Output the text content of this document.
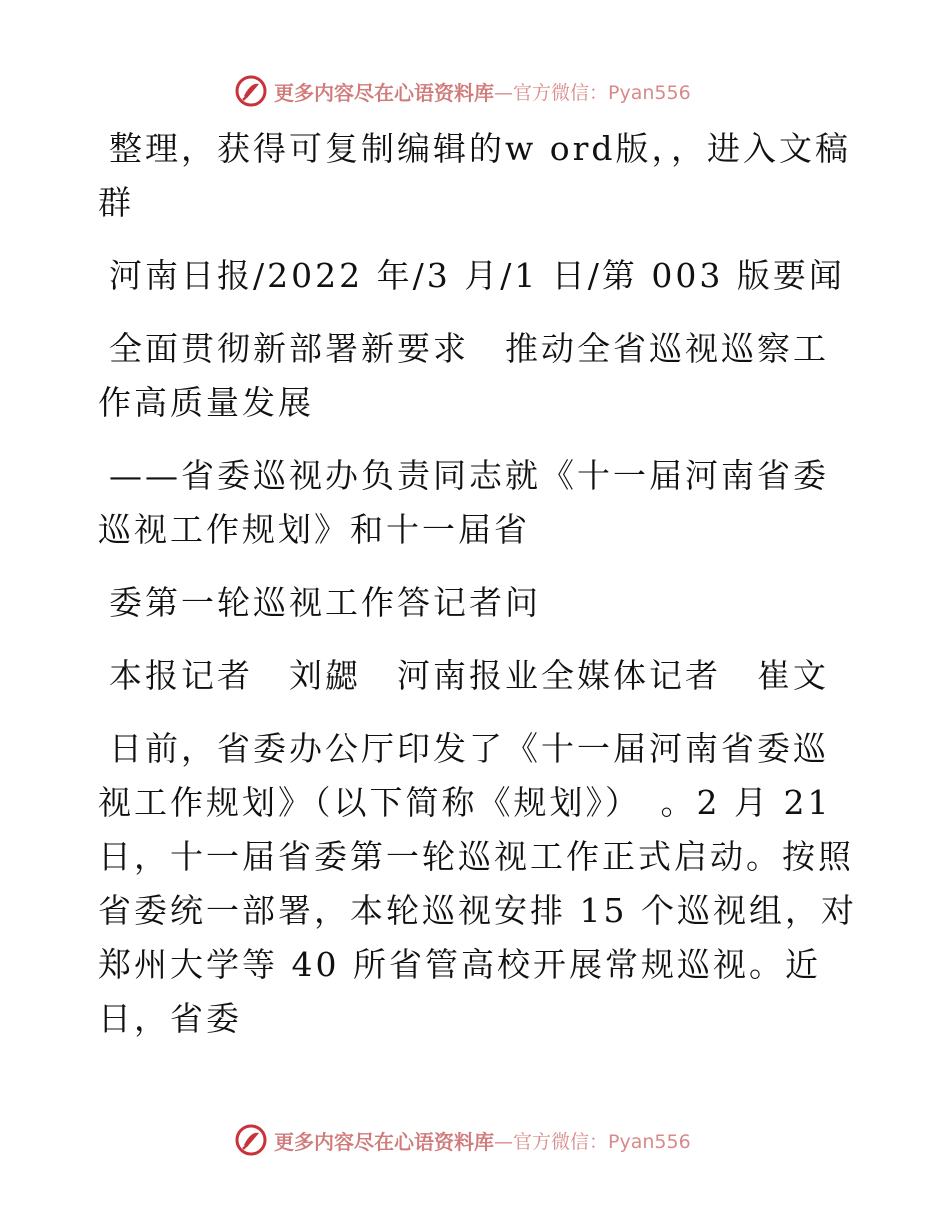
更多内容尽在心语资料库 —官方微信：Pyan556

整理，获得可复制编辑的w ord版，，进入文稿群

河南日报/2022 年/3 月/1 日/第 003 版要闻

全面贯彻新部署新要求　推动全省巡视巡察工作高质量发展

——省委巡视办负责同志就《十一届河南省委巡视工作规划》和十一届省

委第一轮巡视工作答记者问

本报记者　刘勰　河南报业全媒体记者　崔文

日前，省委办公厅印发了《十一届河南省委巡视工作规划》（以下简称《规划》）　。2 月 21 日，十一届省委第一轮巡视工作正式启动。按照省委统一部署，本轮巡视安排 15 个巡视组，对郑州大学等 40 所省管高校开展常规巡视。近日，省委

更多内容尽在心语资料库 —官方微信：Pyan556
